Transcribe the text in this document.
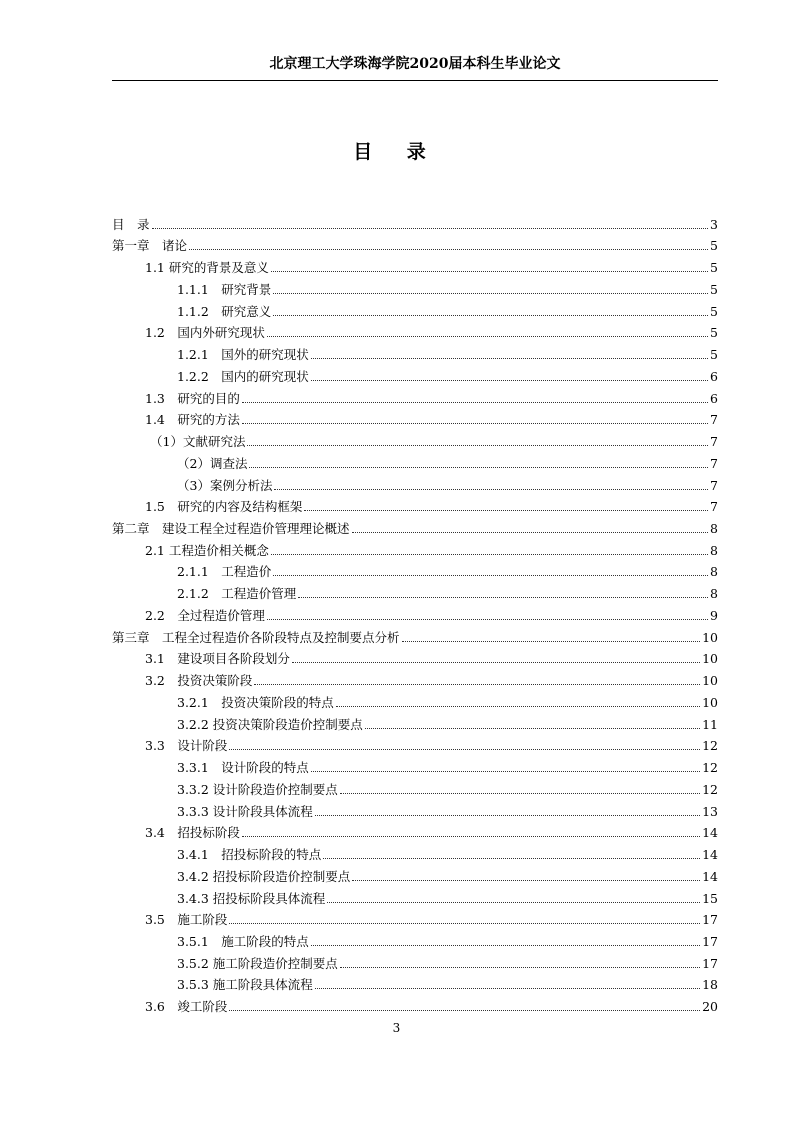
北京理工大学珠海学院2020届本科生毕业论文
目 录
目　录	3
第一章　诸论	5
1.1 研究的背景及意义	5
1.1.1　研究背景	5
1.1.2　研究意义	5
1.2　国内外研究现状	5
1.2.1　国外的研究现状	5
1.2.2　国内的研究现状	6
1.3　研究的目的	6
1.4　研究的方法	7
（1）文献研究法	7
（2）调查法	7
（3）案例分析法	7
1.5　研究的内容及结构框架	7
第二章　建设工程全过程造价管理理论概述	8
2.1 工程造价相关概念	8
2.1.1　工程造价	8
2.1.2　工程造价管理	8
2.2　全过程造价管理	9
第三章　工程全过程造价各阶段特点及控制要点分析	10
3.1　建设项目各阶段划分	10
3.2　投资决策阶段	10
3.2.1　投资决策阶段的特点	10
3.2.2 投资决策阶段造价控制要点	11
3.3　设计阶段	12
3.3.1　设计阶段的特点	12
3.3.2 设计阶段造价控制要点	12
3.3.3 设计阶段具体流程	13
3.4　招投标阶段	14
3.4.1　招投标阶段的特点	14
3.4.2 招投标阶段造价控制要点	14
3.4.3 招投标阶段具体流程	15
3.5　施工阶段	17
3.5.1　施工阶段的特点	17
3.5.2 施工阶段造价控制要点	17
3.5.3 施工阶段具体流程	18
3.6　竣工阶段	20
3
